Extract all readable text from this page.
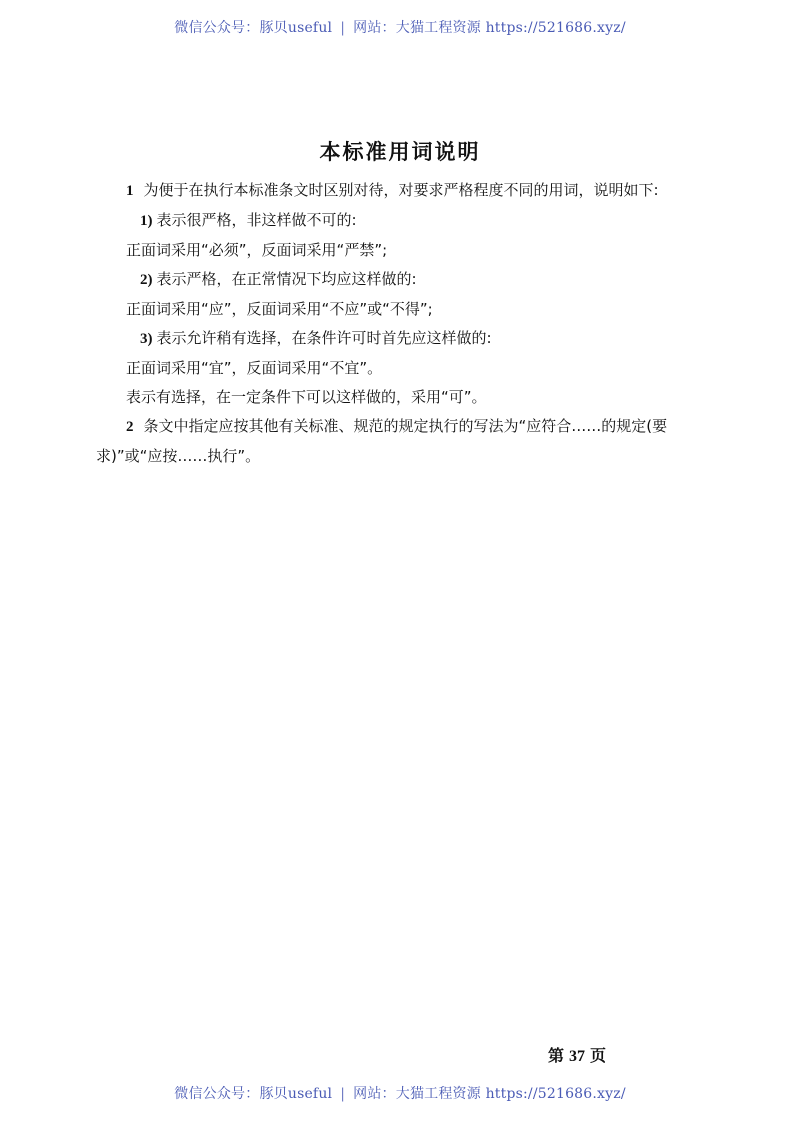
微信公众号：豚贝useful | 网站：大猫工程资源 https://521686.xyz/
本标准用词说明

1 为便于在执行本标准条文时区别对待，对要求严格程度不同的用词，说明如下:

1) 表示很严格，非这样做不可的:

正面词采用“必须”，反面词采用“严禁”;

2) 表示严格，在正常情况下均应这样做的:

正面词采用“应”，反面词采用“不应”或“不得”;

3) 表示允许稍有选择，在条件许可时首先应这样做的:

正面词采用“宜”，反面词采用“不宜”。

表示有选择，在一定条件下可以这样做的，采用“可”。

2 条文中指定应按其他有关标准、规范的规定执行的写法为“应符合……的规定(要求)”或“应按……执行”。

第 37 页
微信公众号：豚贝useful | 网站：大猫工程资源 https://521686.xyz/
